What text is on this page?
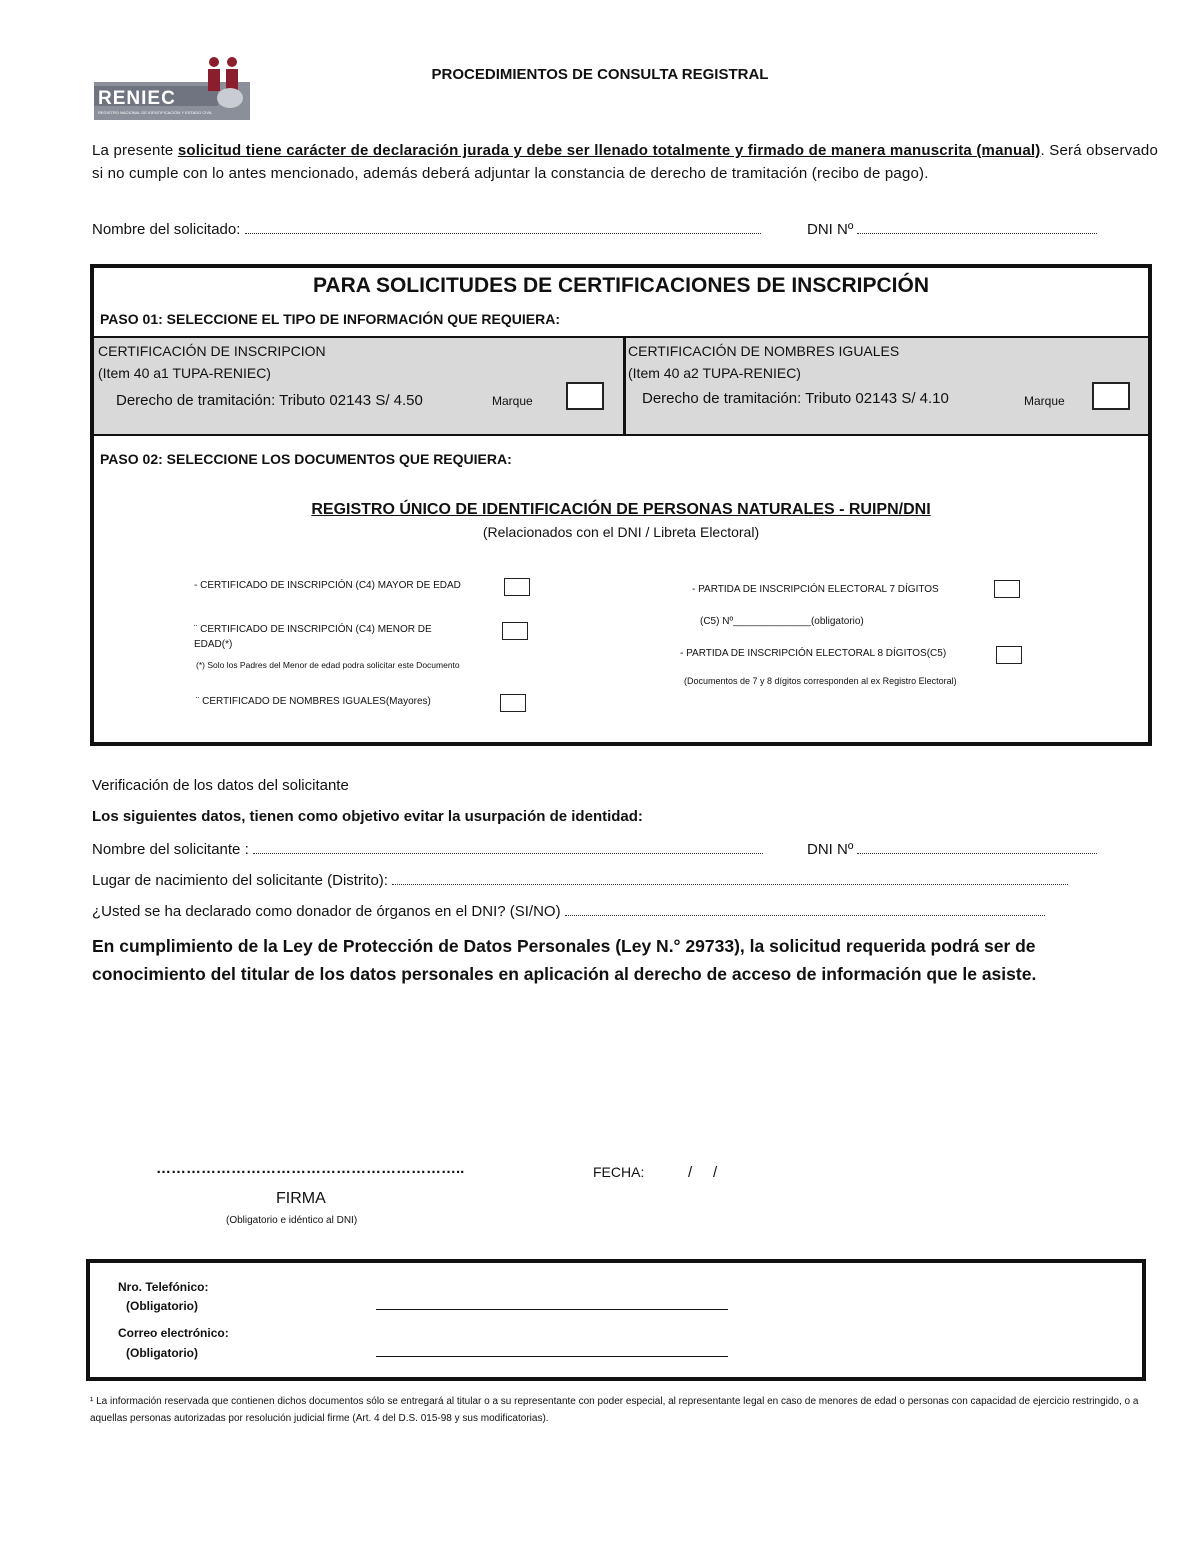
RENIEC
REGISTRO NACIONAL DE IDENTIFICACIÓN Y ESTADO CIVIL
PROCEDIMIENTOS DE CONSULTA REGISTRAL
La presente solicitud tiene carácter de declaración jurada y debe ser llenado totalmente y firmado de manera manuscrita (manual). Será observado si no cumple con lo antes mencionado, además deberá adjuntar la constancia de derecho de tramitación (recibo de pago).
Nombre del solicitado:	DNI Nº
PARA SOLICITUDES DE CERTIFICACIONES DE INSCRIPCIÓN
PASO 01: SELECCIONE EL TIPO DE INFORMACIÓN QUE REQUIERA:
CERTIFICACIÓN DE INSCRIPCION
(Item 40 a1 TUPA-RENIEC)
Derecho de tramitación: Tributo 02143 S/ 4.50	Marque
CERTIFICACIÓN DE NOMBRES IGUALES
(Item 40 a2 TUPA-RENIEC)
Derecho de tramitación: Tributo 02143 S/ 4.10	Marque
PASO 02: SELECCIONE LOS DOCUMENTOS QUE REQUIERA:
REGISTRO ÚNICO DE IDENTIFICACIÓN DE PERSONAS NATURALES - RUIPN/DNI
(Relacionados con el DNI / Libreta Electoral)
- CERTIFICADO DE INSCRIPCIÓN (C4) MAYOR DE EDAD
¨ CERTIFICADO DE INSCRIPCIÓN (C4) MENOR DE EDAD(*)
(*) Solo los Padres del Menor de edad podra solicitar este Documento
¨ CERTIFICADO DE NOMBRES IGUALES(Mayores)
- PARTIDA DE INSCRIPCIÓN ELECTORAL 7 DÍGITOS
(C5) Nº______________(obligatorio)
- PARTIDA DE INSCRIPCIÓN ELECTORAL 8 DÍGITOS(C5)
(Documentos de 7 y 8 dígitos corresponden al ex Registro Electoral)
Verificación de los datos del solicitante
Los siguientes datos, tienen como objetivo evitar la usurpación de identidad:
Nombre del solicitante :	DNI Nº
Lugar de nacimiento del solicitante (Distrito):
¿Usted se ha declarado como donador de órganos en el DNI? (SI/NO)
En cumplimiento de la Ley de Protección de Datos Personales (Ley N.° 29733), la solicitud requerida podrá ser de conocimiento del titular de los datos personales en aplicación al derecho de acceso de información que le asiste.
……………………………………………………..
FIRMA
(Obligatorio e idéntico al DNI)
FECHA:	/     /
Nro. Telefónico:
(Obligatorio)
Correo electrónico:
(Obligatorio)
¹ La información reservada que contienen dichos documentos sólo se entregará al titular o a su representante con poder especial, al representante legal en caso de menores de edad o personas con capacidad de ejercicio restringido, o a aquellas personas autorizadas por resolución judicial firme (Art. 4 del D.S. 015-98 y sus modificatorias).
